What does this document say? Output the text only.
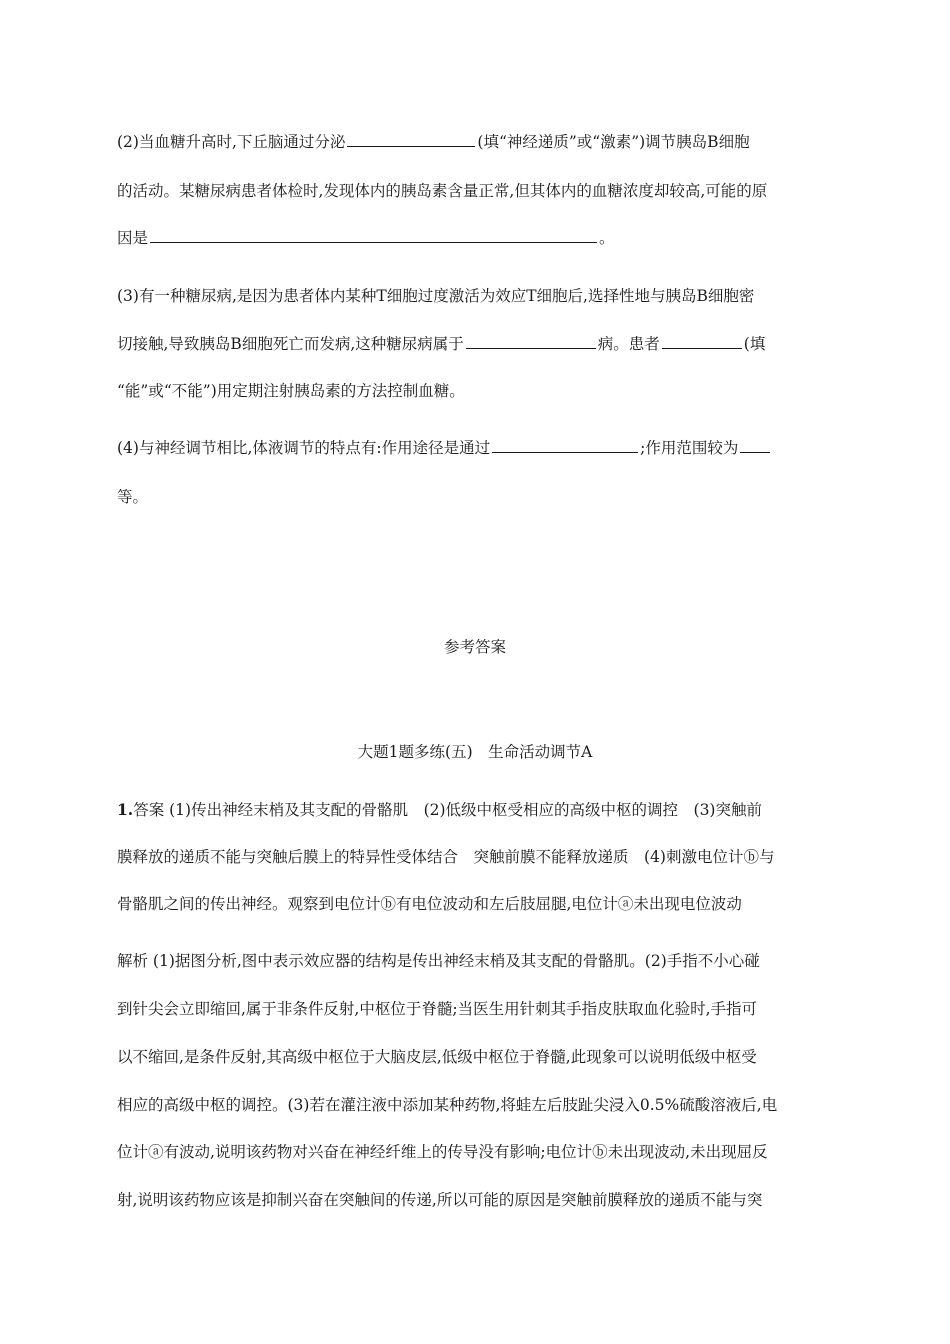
(2)当血糖升高时,下丘脑通过分泌	(填“神经递质”或“激素”)调节胰岛B细胞
的活动。某糖尿病患者体检时,发现体内的胰岛素含量正常,但其体内的血糖浓度却较高,可能的原
因是	。
(3)有一种糖尿病,是因为患者体内某种T细胞过度激活为效应T细胞后,选择性地与胰岛B细胞密
切接触,导致胰岛B细胞死亡而发病,这种糖尿病属于	病。患者	(填
“能”或“不能”)用定期注射胰岛素的方法控制血糖。
(4)与神经调节相比,体液调节的特点有:作用途径是通过	;作用范围较为
等。
参考答案
大题1题多练(五)　生命活动调节A
1.答案 (1)传出神经末梢及其支配的骨骼肌　(2)低级中枢受相应的高级中枢的调控　(3)突触前
膜释放的递质不能与突触后膜上的特异性受体结合　突触前膜不能释放递质　(4)刺激电位计ⓑ与
骨骼肌之间的传出神经。观察到电位计ⓑ有电位波动和左后肢屈腿,电位计ⓐ未出现电位波动
解析 (1)据图分析,图中表示效应器的结构是传出神经末梢及其支配的骨骼肌。(2)手指不小心碰
到针尖会立即缩回,属于非条件反射,中枢位于脊髓;当医生用针刺其手指皮肤取血化验时,手指可
以不缩回,是条件反射,其高级中枢位于大脑皮层,低级中枢位于脊髓,此现象可以说明低级中枢受
相应的高级中枢的调控。(3)若在灌注液中添加某种药物,将蛙左后肢趾尖浸入0.5%硫酸溶液后,电
位计ⓐ有波动,说明该药物对兴奋在神经纤维上的传导没有影响;电位计ⓑ未出现波动,未出现屈反
射,说明该药物应该是抑制兴奋在突触间的传递,所以可能的原因是突触前膜释放的递质不能与突
